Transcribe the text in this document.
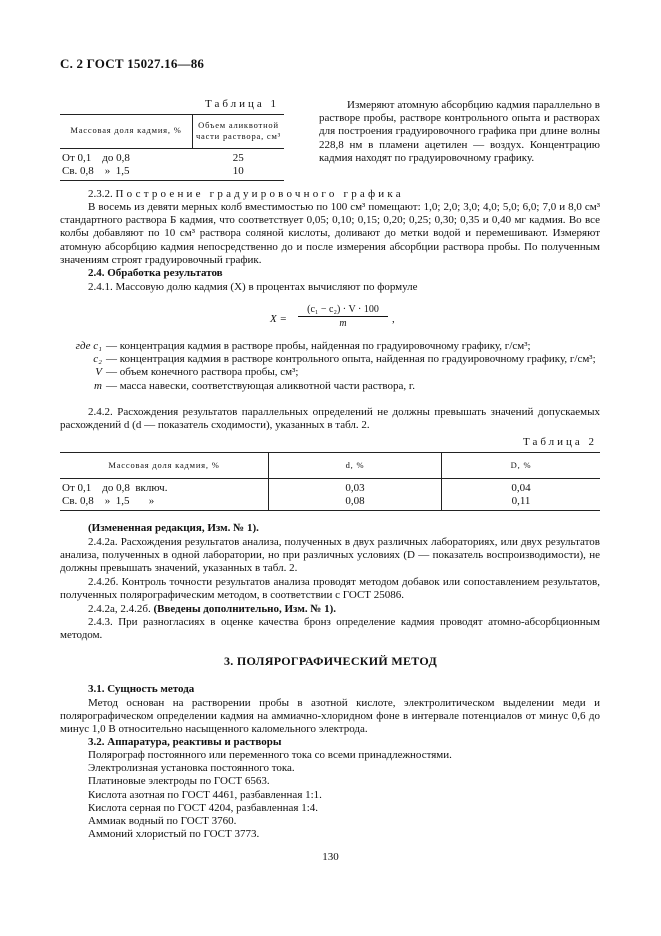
С. 2 ГОСТ 15027.16—86
Таблица 1
Массовая доля кадмия, %	Объем аликвотной части раствора, см³
От 0,1    до 0,8	25
Св. 0,8    »  1,5	10

Измеряют атомную абсорбцию кадмия параллельно в растворе пробы, растворе контрольного опыта и растворах для построения градуировочного графика при длине волны 228,8 нм в пламени ацетилен — воздух. Концентрацию кадмия находят по градуировочному графику.

2.3.2. Построение градуировочного графика

В восемь из девяти мерных колб вместимостью по 100 см³ помещают: 1,0; 2,0; 3,0; 4,0; 5,0; 6,0; 7,0 и 8,0 см³ стандартного раствора Б кадмия, что соответствует 0,05; 0,10; 0,15; 0,20; 0,25; 0,30; 0,35 и 0,40 мг кадмия. Во все колбы добавляют по 10 см³ раствора соляной кислоты, доливают до метки водой и перемешивают. Измеряют атомную абсорбцию кадмия непосредственно до и после измерения абсорбции раствора пробы. По полученным значениям строят градуировочный график.

2.4. Обработка результатов

2.4.1. Массовую долю кадмия (X) в процентах вычисляют по формуле

$X = \frac{\text{(c₁ − c₂) · V · 100}}{m}$ ,
где c₁ — концентрация кадмия в растворе пробы, найденная по градуировочному графику, г/см³;
c₂ — концентрация кадмия в растворе контрольного опыта, найденная по градуировочному графику, г/см³;
V — объем конечного раствора пробы, см³;
m — масса навески, соответствующая аликвотной части раствора, г.

2.4.2. Расхождения результатов параллельных определений не должны превышать значений допускаемых расхождений d (d — показатель сходимости), указанных в табл. 2.

Таблица 2
Массовая доля кадмия, %	d, %	D, %
От 0,1    до 0,8  включ.	0,03	0,04
Св. 0,8    »  1,5       »	0,08	0,11

(Измененная редакция, Изм. № 1).

2.4.2а. Расхождения результатов анализа, полученных в двух различных лабораториях, или двух результатов анализа, полученных в одной лаборатории, но при различных условиях (D — показатель воспроизводимости), не должны превышать значений, указанных в табл. 2.

2.4.2б. Контроль точности результатов анализа проводят методом добавок или сопоставлением результатов, полученных полярографическим методом, в соответствии с ГОСТ 25086.

2.4.2а, 2.4.2б. (Введены дополнительно, Изм. № 1).

2.4.3. При разногласиях в оценке качества бронз определение кадмия проводят атомно-абсорбционным методом.

3. ПОЛЯРОГРАФИЧЕСКИЙ МЕТОД

3.1. Сущность метода

Метод основан на растворении пробы в азотной кислоте, электролитическом выделении меди и полярографическом определении кадмия на аммиачно-хлоридном фоне в интервале потенциалов от минус 0,6 до минус 1,0 В относительно насыщенного каломельного электрода.

3.2. Аппаратура, реактивы и растворы

Полярограф постоянного или переменного тока со всеми принадлежностями.
Электролизная установка постоянного тока.
Платиновые электроды по ГОСТ 6563.
Кислота азотная по ГОСТ 4461, разбавленная 1:1.
Кислота серная по ГОСТ 4204, разбавленная 1:4.
Аммиак водный по ГОСТ 3760.
Аммоний хлористый по ГОСТ 3773.
130
